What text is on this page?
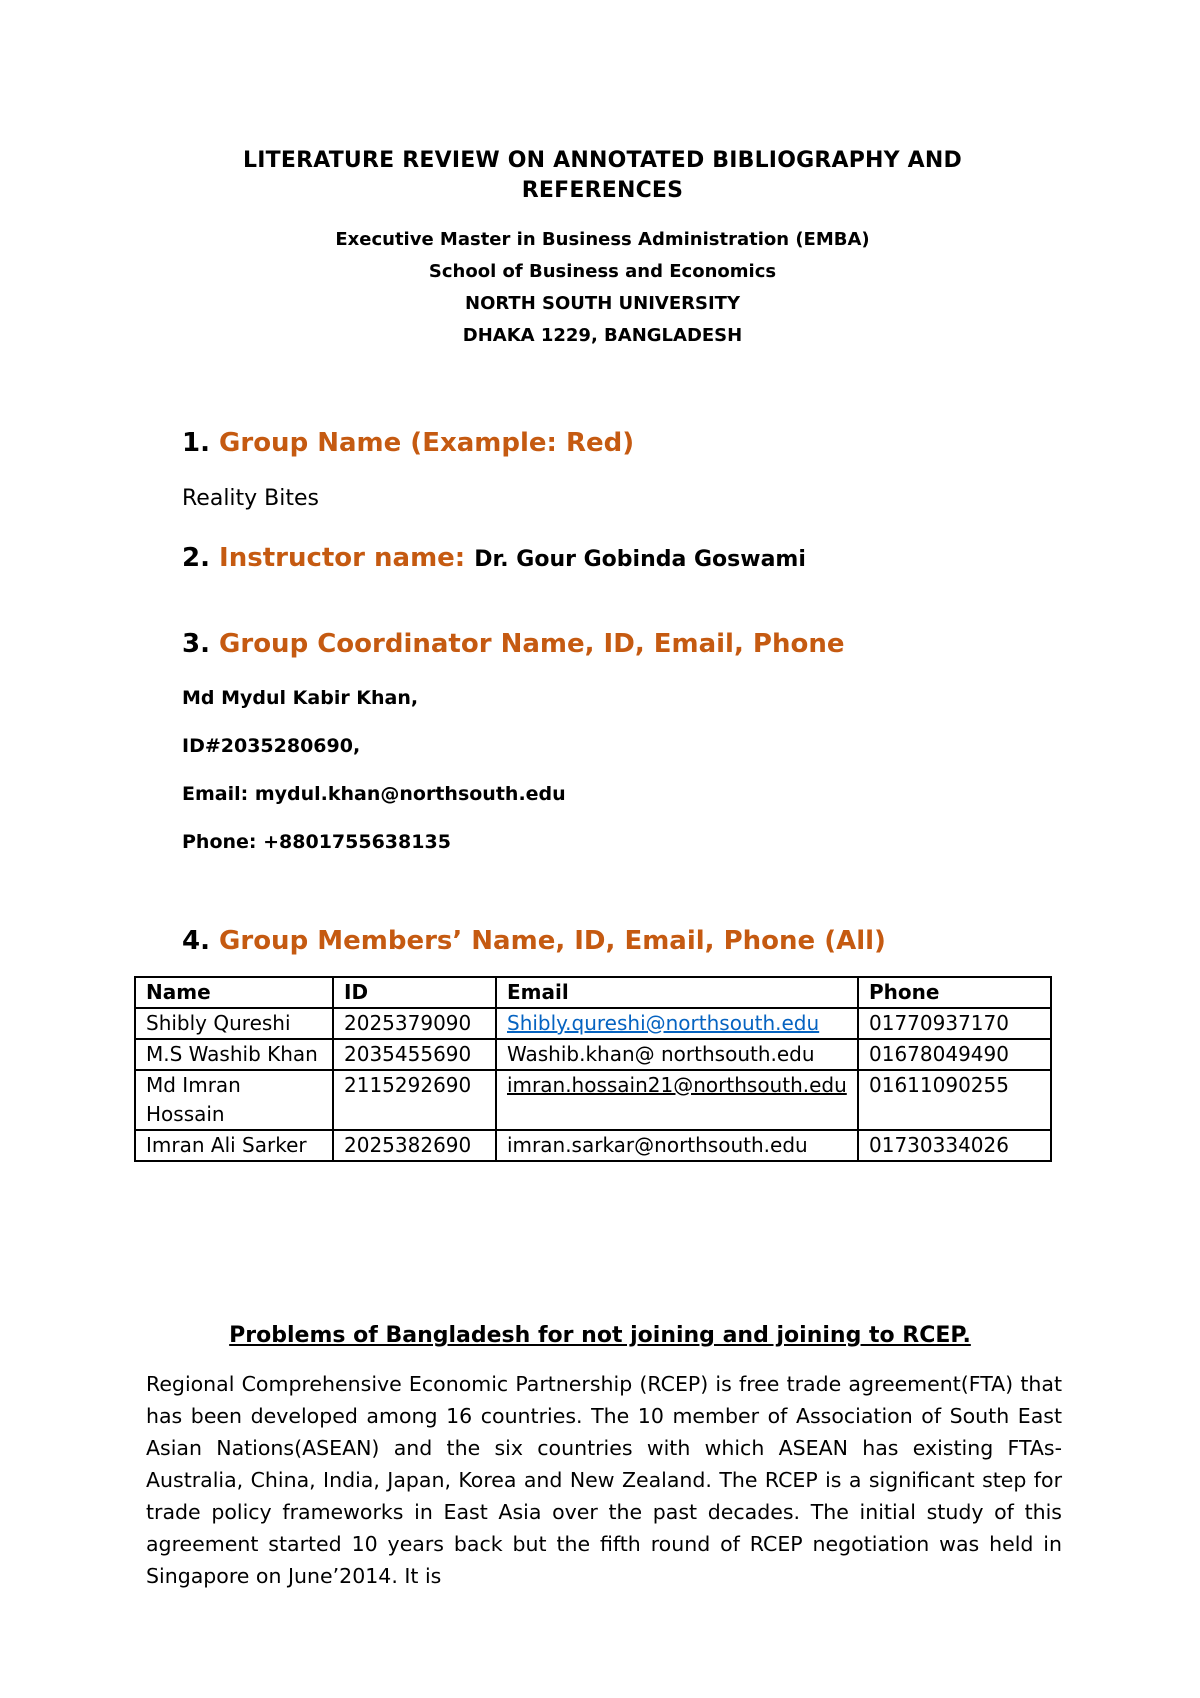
LITERATURE REVIEW ON ANNOTATED BIBLIOGRAPHY AND REFERENCES
Executive Master in Business Administration (EMBA)
School of Business and Economics
NORTH SOUTH UNIVERSITY
DHAKA 1229, BANGLADESH
1. Group Name (Example: Red)
Reality Bites
2. Instructor name: Dr. Gour Gobinda Goswami
3. Group Coordinator Name, ID, Email, Phone
Md Mydul Kabir Khan,
ID#2035280690,
Email: mydul.khan@northsouth.edu
Phone: +8801755638135
4. Group Members’ Name, ID, Email, Phone (All)
Name	ID	Email	Phone
Shibly Qureshi	2025379090	Shibly.qureshi@northsouth.edu	01770937170
M.S Washib Khan	2035455690	Washib.khan@ northsouth.edu	01678049490
Md Imran Hossain	2115292690	imran.hossain21@northsouth.edu	01611090255
Imran Ali Sarker	2025382690	imran.sarkar@northsouth.edu	01730334026
Problems of Bangladesh for not joining and joining to RCEP.
Regional Comprehensive Economic Partnership (RCEP) is free trade agreement(FTA) that has been developed among 16 countries. The 10 member of Association of South East Asian Nations(ASEAN) and the six countries with which ASEAN has existing FTAs-Australia, China, India, Japan, Korea and New Zealand. The RCEP is a significant step for trade policy frameworks in East Asia over the past decades. The initial study of this agreement started 10 years back but the fifth round of RCEP negotiation was held in Singapore on June’2014. It is
